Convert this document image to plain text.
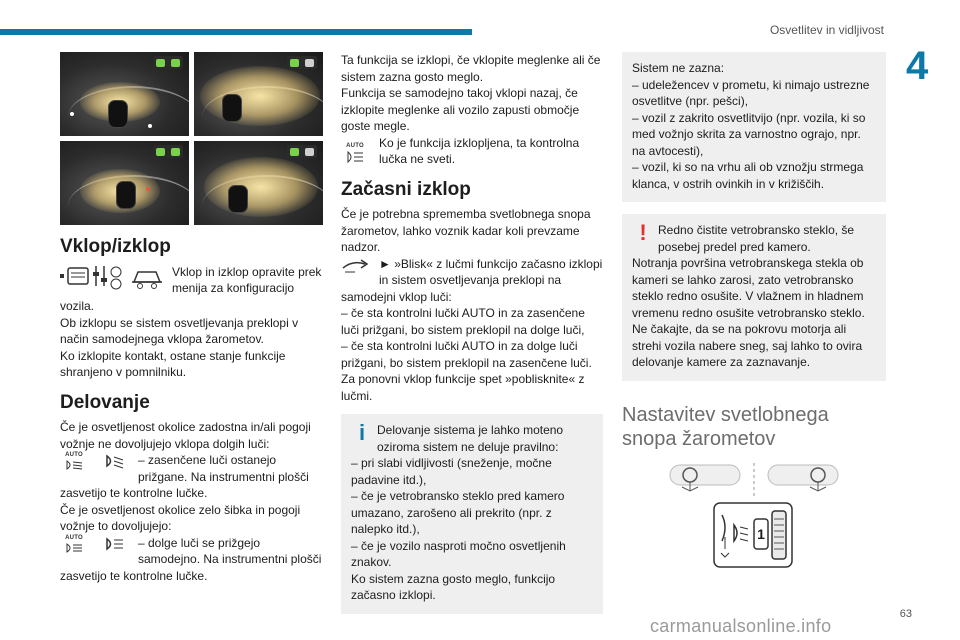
Osvetlitev in vidljivost
4
Vklop/izklop

Vklop in izklop opravite prek menija za konfiguracijo

vozila.

Ob izklopu se sistem osvetljevanja preklopi v način samodejnega vklopa žarometov.

Ko izklopite kontakt, ostane stanje funkcije shranjeno v pomnilniku.

Delovanje

Če je osvetljenost okolice zadostna in/ali pogoji vožnje ne dovoljujejo vklopa dolgih luči:

AUTO	– zasenčene luči ostanejo prižgane. Na instrumentni plošči

zasvetijo te kontrolne lučke.

Če je osvetljenost okolice zelo šibka in pogoji vožnje to dovoljujejo:

AUTO	– dolge luči se prižgejo samodejno. Na instrumentni plošči

zasvetijo te kontrolne lučke.

Ta funkcija se izklopi, če vklopite meglenke ali če sistem zazna gosto meglo.

Funkcija se samodejno takoj vklopi nazaj, če izklopite meglenke ali vozilo zapusti območje goste megle.

AUTO Ko je funkcija izklopljena, ta kontrolna lučka ne sveti.

Začasni izklop

Če je potrebna sprememba svetlobnega snopa žarometov, lahko voznik kadar koli prevzame nadzor.

► »Blisk« z lučmi funkcijo začasno izklopi in sistem osvetljevanja preklopi na

samodejni vklop luči:

– če sta kontrolni lučki AUTO in za zasenčene luči prižgani, bo sistem preklopil na dolge luči,

– če sta kontrolni lučki AUTO in za dolge luči prižgani, bo sistem preklopil na zasenčene luči.

Za ponovni vklop funkcije spet »poblisknite« z lučmi.

i Delovanje sistema je lahko moteno oziroma sistem ne deluje pravilno:

– pri slabi vidljivosti (sneženje, močne padavine itd.),

– če je vetrobransko steklo pred kamero umazano, zarošeno ali prekrito (npr. z nalepko itd.),

– če je vozilo nasproti močno osvetljenih znakov.

Ko sistem zazna gosto meglo, funkcijo začasno izklopi.

Sistem ne zazna:

– udeležencev v prometu, ki nimajo ustrezne osvetlitve (npr. pešci),

– vozil z zakrito osvetlitvijo (npr. vozila, ki so med vožnjo skrita za varnostno ograjo, npr. na avtocesti),

– vozil, ki so na vrhu ali ob vznožju strmega klanca, v ostrih ovinkih in v križiščih.

! Redno čistite vetrobransko steklo, še posebej predel pred kamero.

Notranja površina vetrobranskega stekla ob kameri se lahko zarosi, zato vetrobransko steklo redno osušite. V vlažnem in hladnem vremenu redno osušite vetrobransko steklo.

Ne čakajte, da se na pokrovu motorja ali strehi vozila nabere sneg, saj lahko to ovira delovanje kamere za zaznavanje.

Nastavitev svetlobnega snopa žarometov
1
63
carmanualsonline.info
